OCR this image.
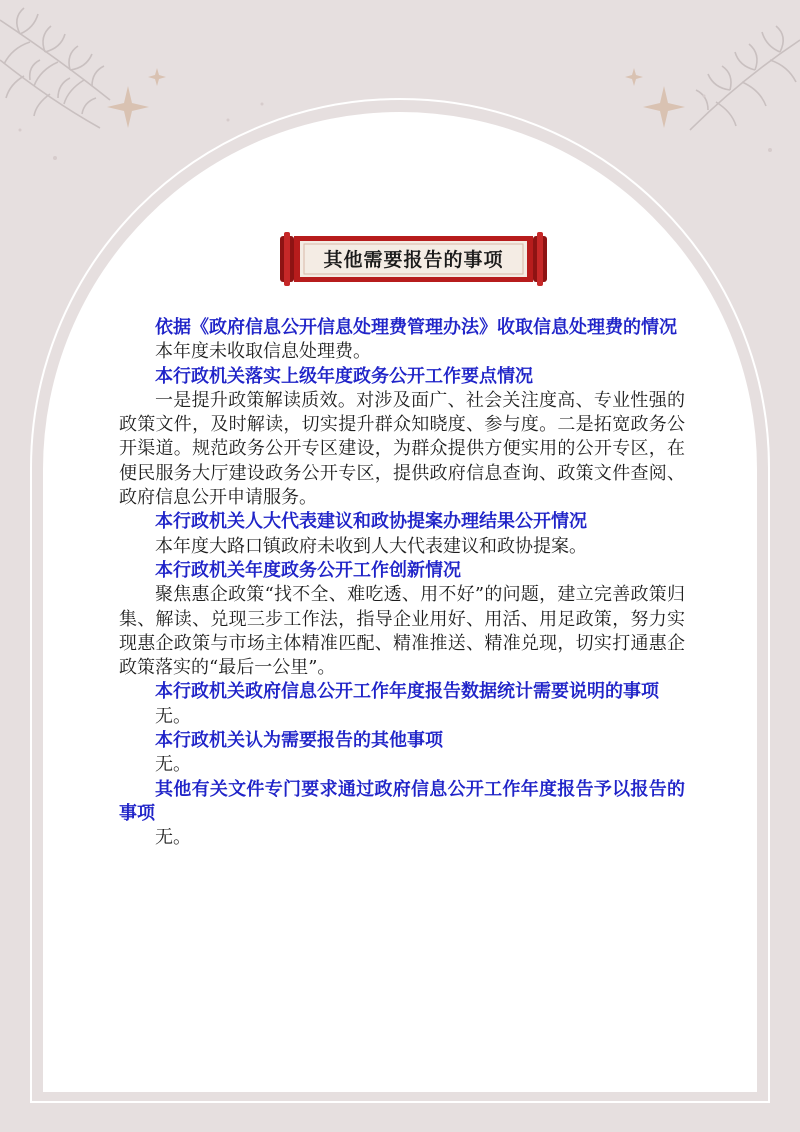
其他需要报告的事项

依据《政府信息公开信息处理费管理办法》收取信息处理费的情况

本年度未收取信息处理费。

本行政机关落实上级年度政务公开工作要点情况

一是提升政策解读质效。对涉及面广、社会关注度高、专业性强的政策文件，及时解读，切实提升群众知晓度、参与度。二是拓宽政务公开渠道。规范政务公开专区建设，为群众提供方便实用的公开专区，在便民服务大厅建设政务公开专区，提供政府信息查询、政策文件查阅、政府信息公开申请服务。

本行政机关人大代表建议和政协提案办理结果公开情况

本年度大路口镇政府未收到人大代表建议和政协提案。

本行政机关年度政务公开工作创新情况

聚焦惠企政策“找不全、难吃透、用不好”的问题，建立完善政策归集、解读、兑现三步工作法，指导企业用好、用活、用足政策，努力实现惠企政策与市场主体精准匹配、精准推送、精准兑现，切实打通惠企政策落实的“最后一公里”。

本行政机关政府信息公开工作年度报告数据统计需要说明的事项

无。

本行政机关认为需要报告的其他事项

无。

其他有关文件专门要求通过政府信息公开工作年度报告予以报告的事项

无。
